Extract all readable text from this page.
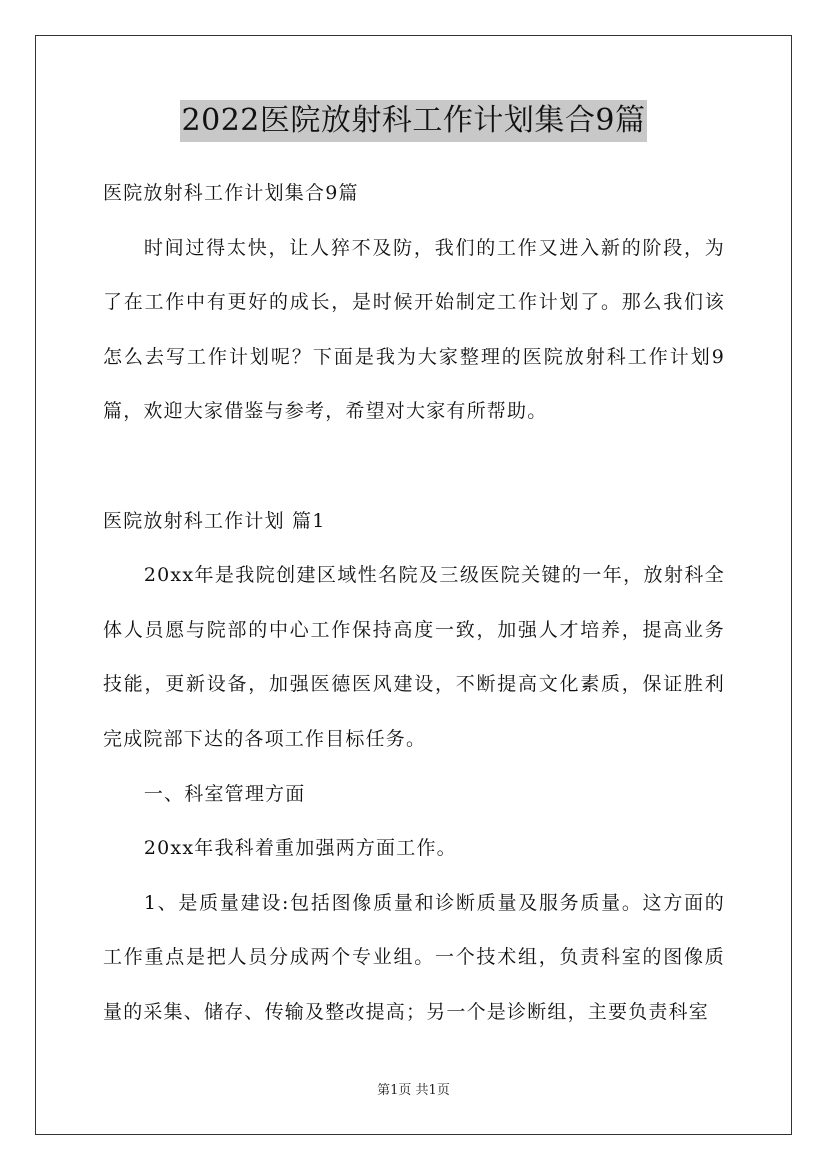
2022医院放射科工作计划集合9篇

医院放射科工作计划集合9篇

时间过得太快，让人猝不及防，我们的工作又进入新的阶段，为了在工作中有更好的成长，是时候开始制定工作计划了。那么我们该怎么去写工作计划呢？下面是我为大家整理的医院放射科工作计划9篇，欢迎大家借鉴与参考，希望对大家有所帮助。

医院放射科工作计划 篇1

20xx年是我院创建区域性名院及三级医院关键的一年，放射科全体人员愿与院部的中心工作保持高度一致，加强人才培养，提高业务技能，更新设备，加强医德医风建设，不断提高文化素质，保证胜利完成院部下达的各项工作目标任务。

一、科室管理方面

20xx年我科着重加强两方面工作。

1、是质量建设:包括图像质量和诊断质量及服务质量。这方面的工作重点是把人员分成两个专业组。一个技术组，负责科室的图像质量的采集、储存、传输及整改提高；另一个是诊断组，主要负责科室

第1页 共1页
